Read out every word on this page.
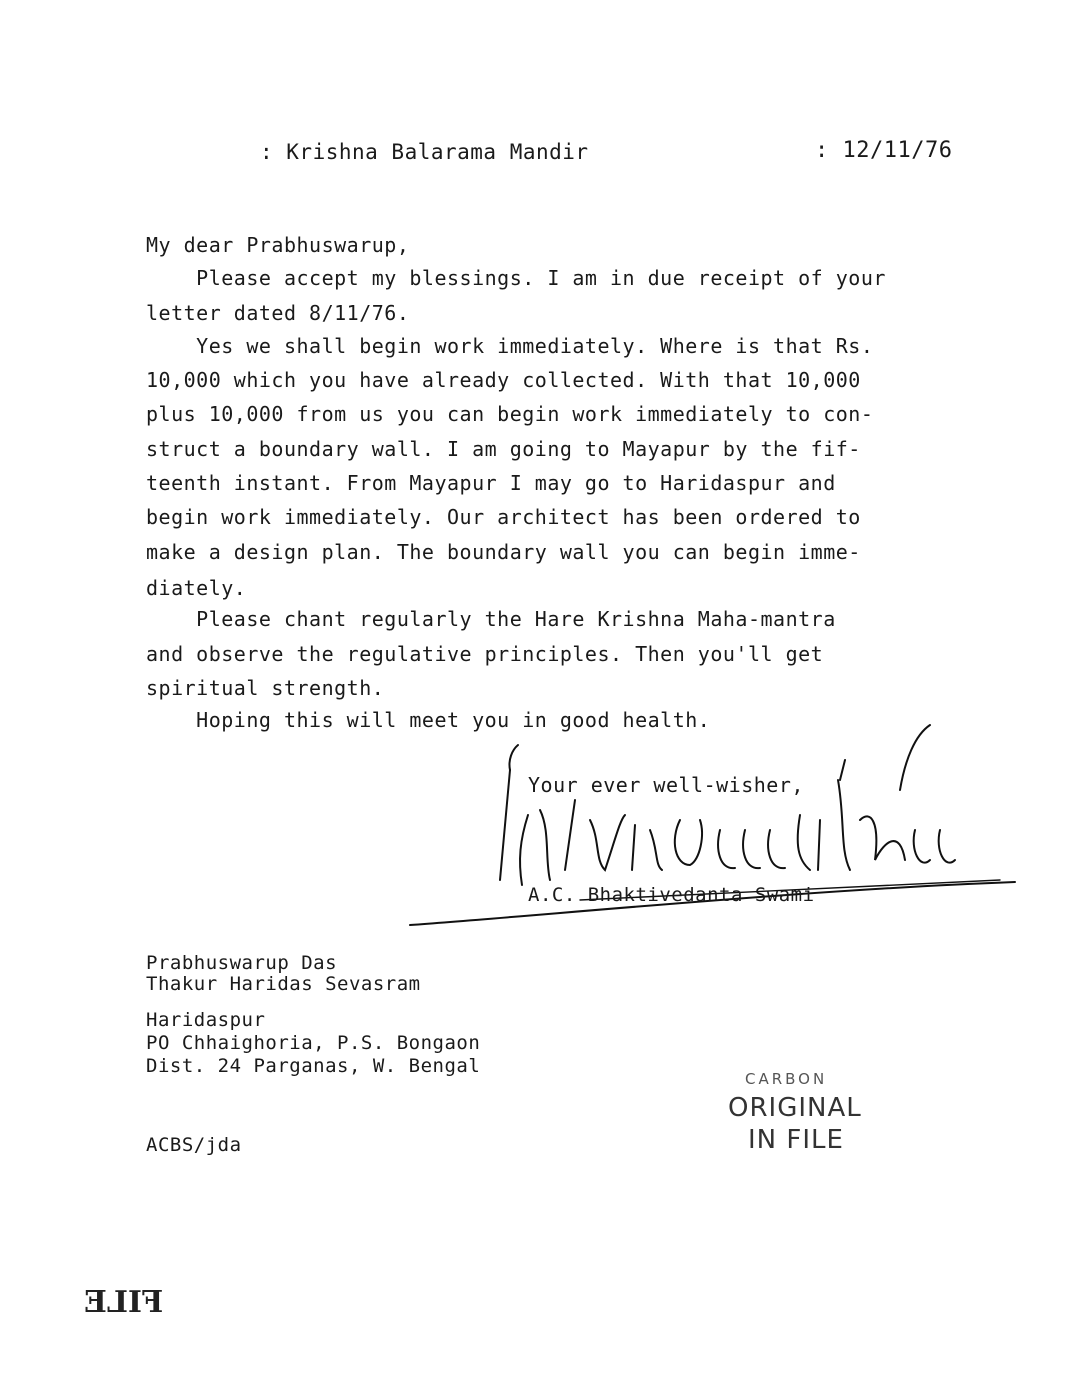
: Krishna Balarama Mandir	: 12/11/76
My dear Prabhuswarup,
Please accept my blessings. I am in due receipt of your
letter dated 8/11/76.
Yes we shall begin work immediately. Where is that Rs.
10,000 which you have already collected. With that 10,000
plus 10,000 from us you can begin work immediately to con-
struct a boundary wall. I am going to Mayapur by the fif-
teenth instant. From Mayapur I may go to Haridaspur and
begin work immediately. Our architect has been ordered to
make a design plan. The boundary wall you can begin imme-
diately.
Please chant regularly the Hare Krishna Maha-mantra
and observe the regulative principles. Then you'll get
spiritual strength.
Hoping this will meet you in good health.
Your ever well-wisher,
A.C. Bhaktivedanta Swami
Prabhuswarup Das
Thakur Haridas Sevasram
Haridaspur
PO Chhaighoria, P.S. Bongaon
Dist. 24 Parganas, W. Bengal
ACBS/jda
CARBON
ORIGINAL
IN FILE
FILE
